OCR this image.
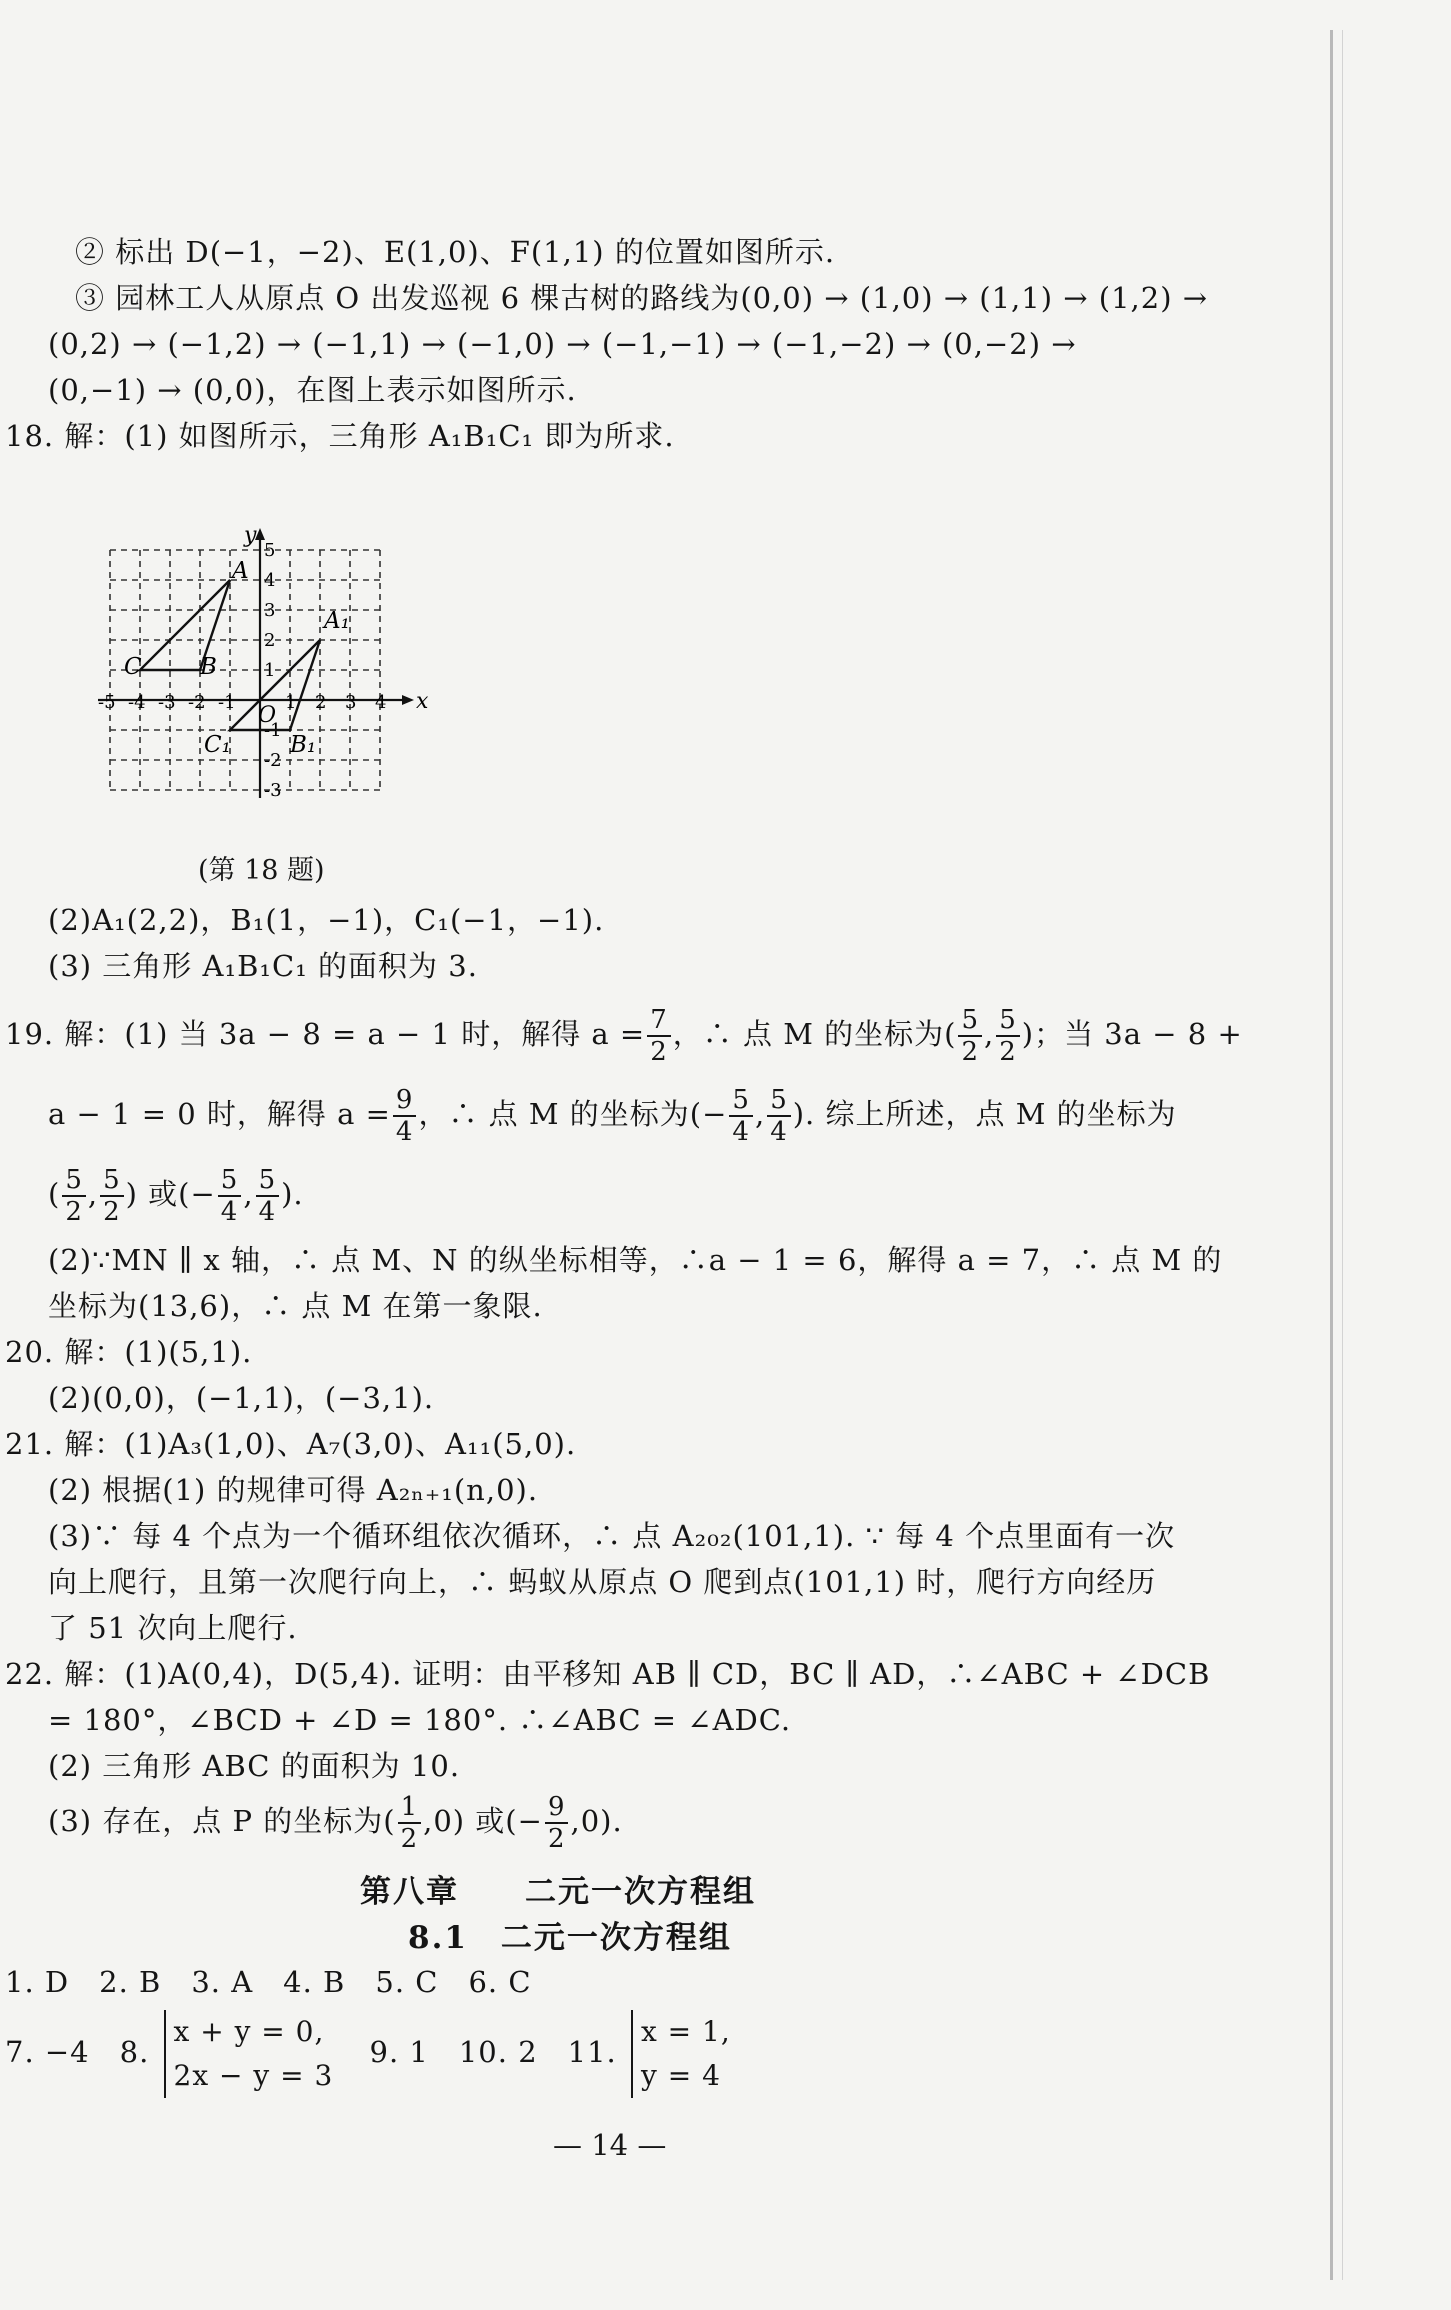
② 标出 D(−1，−2)、E(1,0)、F(1,1) 的位置如图所示.
③ 园林工人从原点 O 出发巡视 6 棵古树的路线为(0,0) → (1,0) → (1,1) → (1,2) →
(0,2) → (−1,2) → (−1,1) → (−1,0) → (−1,−1) → (−1,−2) → (0,−2) →
(0,−1) → (0,0)，在图上表示如图所示.
18. 解：(1) 如图所示，三角形 A₁B₁C₁ 即为所求.
x
y
O
-5 -4 -3 -2 -1	1 2 3 4
5
4
3
2
1
-1
-2
-3
A
B
C
A₁
B₁
C₁
(第 18 题)
(2)A₁(2,2)，B₁(1，−1)，C₁(−1，−1).
(3) 三角形 A₁B₁C₁ 的面积为 3.
19. 解：(1) 当 3a − 8 = a − 1 时，解得 $a = \frac{7}{2}$ ，∴ 点 M 的坐标为( $\frac{5}{2}$ , $\frac{5}{2}$ )；当 3a − 8 +
a − 1 = 0 时，解得 $a = \frac{9}{4}$ ，∴ 点 M 的坐标为(− $\frac{5}{4}$ , $\frac{5}{4}$ ). 综上所述，点 M 的坐标为
( $\frac{5}{2}$ , $\frac{5}{2}$ ) 或(− $\frac{5}{4}$ , $\frac{5}{4}$ ).
(2)∵MN ∥ x 轴，∴ 点 M、N 的纵坐标相等，∴a − 1 = 6，解得 a = 7，∴ 点 M 的
坐标为(13,6)，∴ 点 M 在第一象限.
20. 解：(1)(5,1).
(2)(0,0)，(−1,1)，(−3,1).
21. 解：(1)A₃(1,0)、A₇(3,0)、A₁₁(5,0).
(2) 根据(1) 的规律可得 A₂ₙ₊₁(n,0).
(3)∵ 每 4 个点为一个循环组依次循环，∴ 点 A₂₀₂(101,1). ∵ 每 4 个点里面有一次
向上爬行，且第一次爬行向上，∴ 蚂蚁从原点 O 爬到点(101,1) 时，爬行方向经历
了 51 次向上爬行.
22. 解：(1)A(0,4)，D(5,4). 证明：由平移知 AB ∥ CD，BC ∥ AD，∴∠ABC + ∠DCB
= 180°，∠BCD + ∠D = 180°. ∴∠ABC = ∠ADC.
(2) 三角形 ABC 的面积为 10.
(3) 存在，点 P 的坐标为( $\frac{1}{2} ,0$) 或(− $\frac{9}{2} ,0$).
第八章　　二元一次方程组
8.1　二元一次方程组
1. D　2. B　3. A　4. B　5. C　6. C
7. −4　8.
x + y = 0,
2x − y = 3
9. 1　10. 2　11.
x = 1,
y = 4
— 14 —
